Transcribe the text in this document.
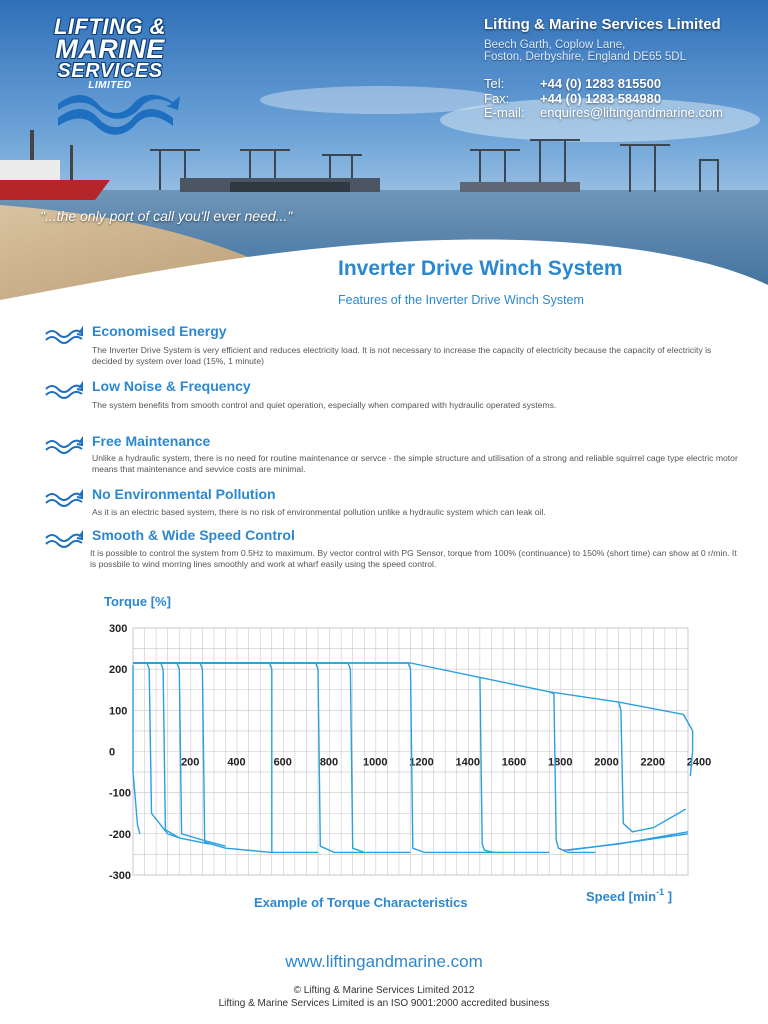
LIFTING &
MARINE
SERVICES
LIMITED
Lifting & Marine Services Limited
Beech Garth, Coplow Lane,
Foston, Derbyshire, England DE65 5DL
Tel:	+44 (0) 1283 815500
Fax: +44 (0) 1283 584980
E-mail: enquires@liftingandmarine.com
"...the only port of call you'll ever need..."
Inverter Drive Winch System
Features of the Inverter Drive Winch System
Economised Energy
The Inverter Drive System is very efficient and reduces electricity load. It is not necessary to increase the capacity of electricity because the capacity of electricity is decided by system over load (15%, 1 minute)
Low Noise & Frequency
The system benefits from smooth control and quiet operation, especially when compared with hydraulic operated systems.
Free Maintenance
Unlike a hydraulic system, there is no need for routine maintenance or servce - the simple structure and utilisation of a strong and reliable squirrel cage type electric motor means that maintenance and sevvice costs are minimal.
No Environmental Pollution
As it is an electric based system, there is no risk of environmental pollution unlike a hydraulic system which can leak oil.
Smooth & Wide Speed Control
It is possible to control the system from 0.5Hz to maximum. By vector control with PG Sensor, torque from 100% (continuance) to 150% (short time) can show at 0 r/min. It is possbile to wind morring lines smoothly and work at wharf easily using the speed control.
300
200
100
0
-100
-200
-300
200	400	600	800 1000 1200 1400 1600 1800 2000 2200 2400
Torque [%]
Example of Torque Characteristics	Speed [$\min^{-1}$ ]
www.liftingandmarine.com
© Lifting & Marine Services Limited 2012
Lifting & Marine Services Limited is an ISO 9001:2000 accredited business
